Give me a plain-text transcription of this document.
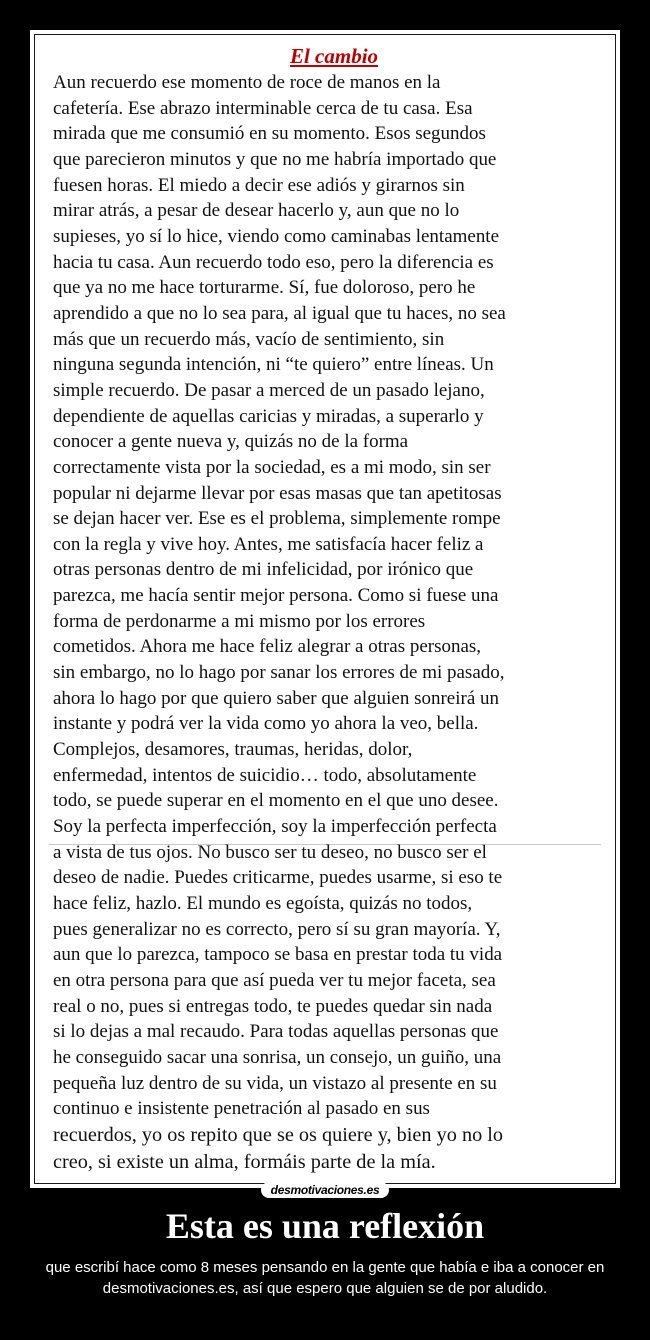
El cambio
Aun recuerdo ese momento de roce de manos en la
cafetería. Ese abrazo interminable cerca de tu casa. Esa
mirada que me consumió en su momento. Esos segundos
que parecieron minutos y que no me habría importado que
fuesen horas. El miedo a decir ese adiós y girarnos sin
mirar atrás, a pesar de desear hacerlo y, aun que no lo
supieses, yo sí lo hice, viendo como caminabas lentamente
hacia tu casa. Aun recuerdo todo eso, pero la diferencia es
que ya no me hace torturarme. Sí, fue doloroso, pero he
aprendido a que no lo sea para, al igual que tu haces, no sea
más que un recuerdo más, vacío de sentimiento, sin
ninguna segunda intención, ni “te quiero” entre líneas. Un
simple recuerdo. De pasar a merced de un pasado lejano,
dependiente de aquellas caricias y miradas, a superarlo y
conocer a gente nueva y, quizás no de la forma
correctamente vista por la sociedad, es a mi modo, sin ser
popular ni dejarme llevar por esas masas que tan apetitosas
se dejan hacer ver. Ese es el problema, simplemente rompe
con la regla y vive hoy. Antes, me satisfacía hacer feliz a
otras personas dentro de mi infelicidad, por irónico que
parezca, me hacía sentir mejor persona. Como si fuese una
forma de perdonarme a mi mismo por los errores
cometidos. Ahora me hace feliz alegrar a otras personas,
sin embargo, no lo hago por sanar los errores de mi pasado,
ahora lo hago por que quiero saber que alguien sonreirá un
instante y podrá ver la vida como yo ahora la veo, bella.
Complejos, desamores, traumas, heridas, dolor,
enfermedad, intentos de suicidio… todo, absolutamente
todo, se puede superar en el momento en el que uno desee.
Soy la perfecta imperfección, soy la imperfección perfecta
a vista de tus ojos. No busco ser tu deseo, no busco ser el
deseo de nadie. Puedes criticarme, puedes usarme, si eso te
hace feliz, hazlo. El mundo es egoísta, quizás no todos,
pues generalizar no es correcto, pero sí su gran mayoría. Y,
aun que lo parezca, tampoco se basa en prestar toda tu vida
en otra persona para que así pueda ver tu mejor faceta, sea
real o no, pues si entregas todo, te puedes quedar sin nada
si lo dejas a mal recaudo. Para todas aquellas personas que
he conseguido sacar una sonrisa, un consejo, un guiño, una
pequeña luz dentro de su vida, un vistazo al presente en su
continuo e insistente penetración al pasado en sus
recuerdos, yo os repito que se os quiere y, bien yo no lo
creo, si existe un alma, formáis parte de la mía.
desmotivaciones.es
Esta es una reflexión

que escribí hace como 8 meses pensando en la gente que había e iba a conocer en desmotivaciones.es, así que espero que alguien se de por aludido.
